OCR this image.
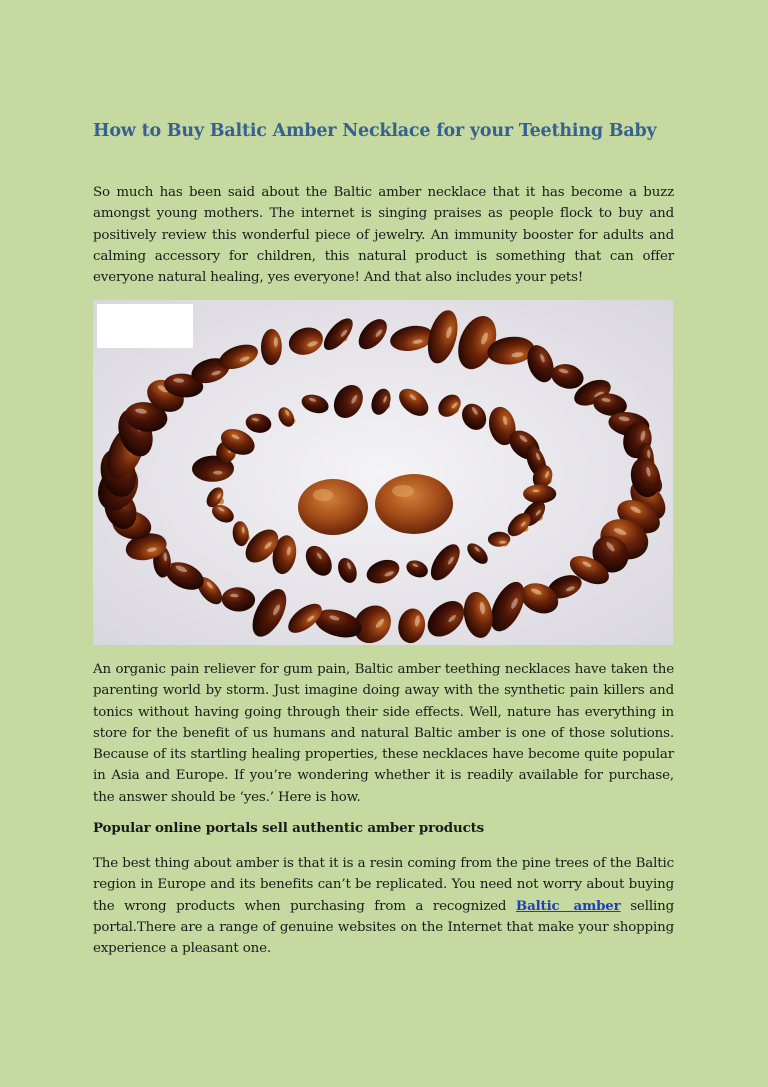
How to Buy Baltic Amber Necklace for your Teething Baby

So much has been said about the Baltic amber necklace that it has become a buzz amongst young mothers. The internet is singing praises as people flock to buy and positively review this wonderful piece of jewelry. An immunity booster for adults and calming accessory for children, this natural product is something that can offer everyone natural healing, yes everyone! And that also includes your pets!

An organic pain reliever for gum pain, Baltic amber teething necklaces have taken the parenting world by storm. Just imagine doing away with the synthetic pain killers and tonics without having going through their side effects. Well, nature has everything in store for the benefit of us humans and natural Baltic amber is one of those solutions. Because of its startling healing properties, these necklaces have become quite popular in Asia and Europe. If you’re wondering whether it is readily available for purchase, the answer should be ‘yes.’ Here is how.

Popular online portals sell authentic amber products

The best thing about amber is that it is a resin coming from the pine trees of the Baltic region in Europe and its benefits can’t be replicated. You need not worry about buying the wrong products when purchasing from a recognized Baltic amber selling portal.There are a range of genuine websites on the Internet that make your shopping experience a pleasant one.
